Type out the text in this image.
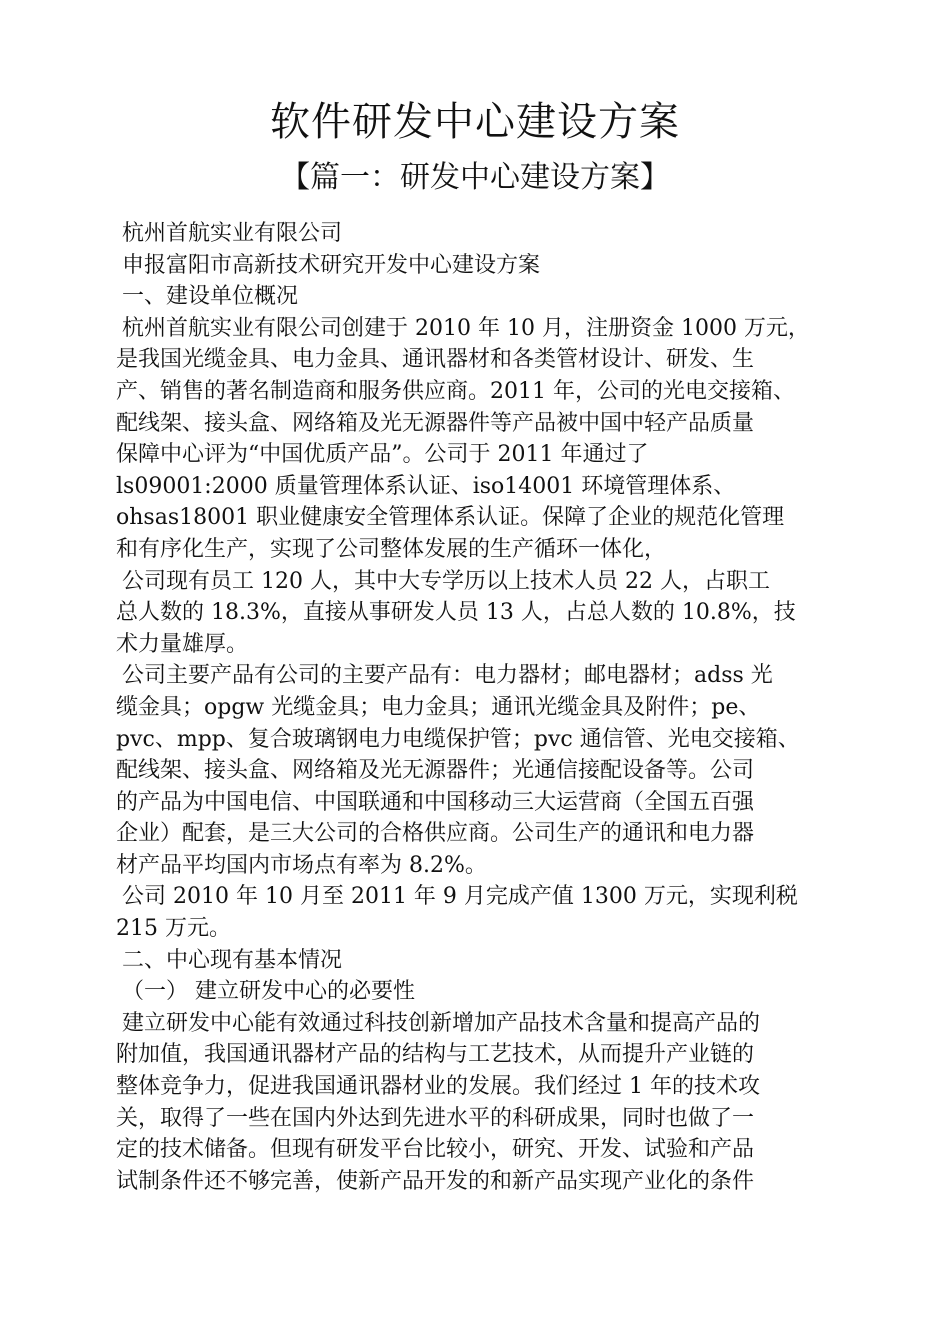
软件研发中心建设方案
【篇一：研发中心建设方案】
杭州首航实业有限公司
申报富阳市高新技术研究开发中心建设方案
一、建设单位概况
杭州首航实业有限公司创建于 2010 年 10 月，注册资金 1000 万元，
是我国光缆金具、电力金具、通讯器材和各类管材设计、研发、生
产、销售的著名制造商和服务供应商。2011 年，公司的光电交接箱、
配线架、接头盒、网络箱及光无源器件等产品被中国中轻产品质量
保障中心评为“中国优质产品”。公司于 2011 年通过了
ls09001:2000 质量管理体系认证、iso14001 环境管理体系、
ohsas18001 职业健康安全管理体系认证。保障了企业的规范化管理
和有序化生产，实现了公司整体发展的生产循环一体化，
公司现有员工 120 人，其中大专学历以上技术人员 22 人，占职工
总人数的 18.3%，直接从事研发人员 13 人，占总人数的 10.8%，技
术力量雄厚。
公司主要产品有公司的主要产品有：电力器材；邮电器材；adss 光
缆金具；opgw 光缆金具；电力金具；通讯光缆金具及附件；pe、
pvc、mpp、复合玻璃钢电力电缆保护管；pvc 通信管、光电交接箱、
配线架、接头盒、网络箱及光无源器件；光通信接配设备等。公司
的产品为中国电信、中国联通和中国移动三大运营商（全国五百强
企业）配套，是三大公司的合格供应商。公司生产的通讯和电力器
材产品平均国内市场点有率为 8.2%。
公司 2010 年 10 月至 2011 年 9 月完成产值 1300 万元，实现利税
215 万元。
二、中心现有基本情况
（一） 建立研发中心的必要性
建立研发中心能有效通过科技创新增加产品技术含量和提高产品的
附加值，我国通讯器材产品的结构与工艺技术，从而提升产业链的
整体竞争力，促进我国通讯器材业的发展。我们经过 1 年的技术攻
关，取得了一些在国内外达到先进水平的科研成果，同时也做了一
定的技术储备。但现有研发平台比较小，研究、开发、试验和产品
试制条件还不够完善，使新产品开发的和新产品实现产业化的条件
